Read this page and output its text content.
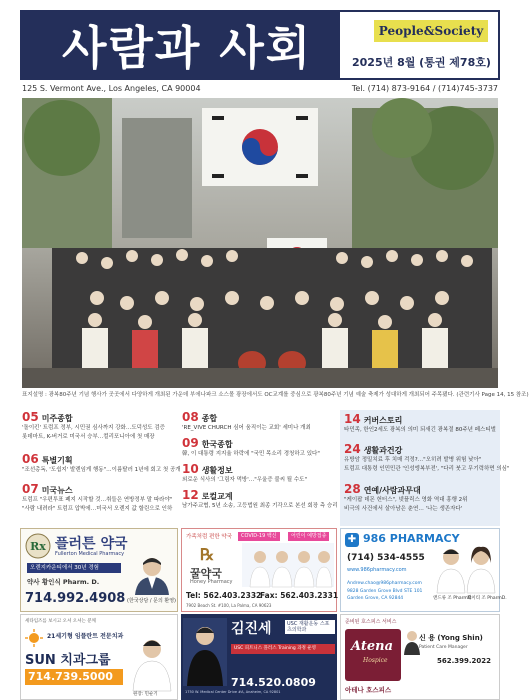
사람과 사회	People&Society
2025년 8월 (통권 제78호)
125 S. Vermont Ave., Los Angeles, CA 90004	Tel. (714) 873-9164 / (714)745-3737
표지설명 : 광복80주년 기념 행사가 곳곳에서 다양하게 개최된 가운데 부에나파크 소스몰 광장에서도 OC교계를 중심으로 광복80주년 기념 예술 축제가 성대하게 개최되어 주목됐다. (관련기사 Page 14, 15 참조)
05 미주종합
'돌이킨' 트럼프 정부, 시민권 심사까지 강화…도덕성도 검증
롯데마트, K-버거로 미국서 승부…컬리포니아에 첫 매장
06 특별기획
"조선총독, '도쉽지' 발렌임게 행동"…이름탈러 1년에 회고 첫 공개
07 미국뉴스
트럼프 "우편투표 폐지 시작할 것…취들은 연방정부 말 따라야"
"사람 내려라" 트럼프 압박에…미국서 오렌지 값 할린으로 인하
08 종합
'RE_VIVE CHURCH 심어 움직이는 교회' 세미나 개최
09 한국종합
韓, 이 대통령 지지율 하락에 "국민 목소리 경청하고 있다"
10 생활정보
외로운 식사의 '그림자 먹방'…"우울증 불씨 될 수도"
12 로컬교계
남가주교협, 5년 소송, 고등법원 최종 기각으로 본선 회장 측 승리
14 커버스토리
타민족, 한인2세도 광복의 의미 되새긴 광복절 80주년 페스티벌
24 생활과건강
유방암 정밀치료 후 치매 걱정?…"오히려 발병 위험 낮아"
트럼프 대통령 인민민관 '인성엥복부전', "다리 붓고 무기력하면 의심"
28 연예/사람과무대
"케이팝 데몬 헌터스", 넷플릭스 영화 역대 흥행 2위
비극의 사건에서 살아남은 춘연… '나는 생존자다'
Rx 플러튼 약국
Fullerton Medical Pharmacy
오렌지카운티에서 30년 경험
약사 황인식 Pharm. D.
714.992.4908 (한국상담 / 문의 환영)
가족처럼 편한 약국
℞
꿀약국
Honey Pharmacy
COVID-19 백신	어린이 예방접종
Tel: 562.403.2332
Fax: 562.403.2331
7902 Beach St. #100, La Palma, CA 90623
✚ 986 PHARMACY
(714) 534-4555
www.986pharmacy.com
Andrew.chao@986pharmacy.com
9828 Garden Grove Blvd STE 101
Garden Grove, CA 92844	앤드류 조 PharmD.
케이티 조 PharmD.
세타임즈를 보시고 오셔 오셔는 분께
21세기형 임플란트 전문치과
SUN 치과그룹
714.739.5000
원장: 민순기
김진세	USC 재활운동 스포츠의학과
USC 피트니스 플러스 Training 과정 운영
714.520.0809
1750 W. Medical Center Drive #A, Anaheim, CA 92801
준비된 호스피스 서비스
Atena
Hospice
아테나 호스피스
신 용 (Yong Shin)
Patient Care Manager
562.399.2022
